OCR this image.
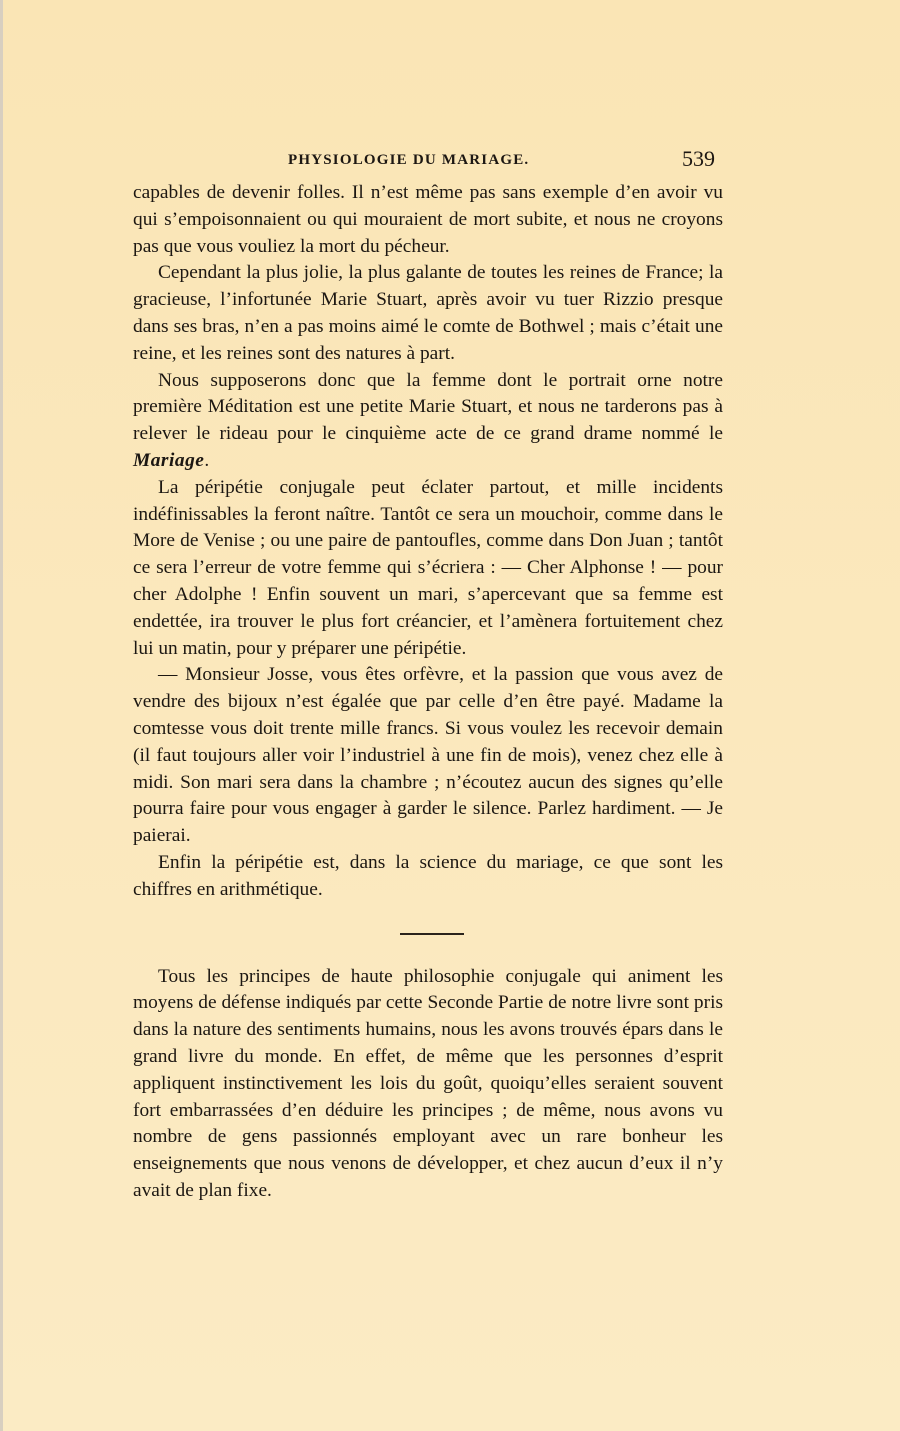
PHYSIOLOGIE DU MARIAGE.	539

capables de devenir folles. Il n’est même pas sans exemple d’en avoir vu qui s’empoisonnaient ou qui mouraient de mort subite, et nous ne croyons pas que vous vouliez la mort du pécheur.

Cependant la plus jolie, la plus galante de toutes les reines de France; la gracieuse, l’infortunée Marie Stuart, après avoir vu tuer Rizzio presque dans ses bras, n’en a pas moins aimé le comte de Bothwel ; mais c’était une reine, et les reines sont des natures à part.

Nous supposerons donc que la femme dont le portrait orne notre première Méditation est une petite Marie Stuart, et nous ne tarderons pas à relever le rideau pour le cinquième acte de ce grand drame nommé le Mariage.

La péripétie conjugale peut éclater partout, et mille incidents indéfinissables la feront naître. Tantôt ce sera un mouchoir, comme dans le More de Venise ; ou une paire de pantoufles, comme dans Don Juan ; tantôt ce sera l’erreur de votre femme qui s’écriera : — Cher Alphonse ! — pour cher Adolphe ! Enfin souvent un mari, s’apercevant que sa femme est endettée, ira trouver le plus fort créancier, et l’amènera fortuitement chez lui un matin, pour y préparer une péripétie.

— Monsieur Josse, vous êtes orfèvre, et la passion que vous avez de vendre des bijoux n’est égalée que par celle d’en être payé. Madame la comtesse vous doit trente mille francs. Si vous voulez les recevoir demain (il faut toujours aller voir l’industriel à une fin de mois), venez chez elle à midi. Son mari sera dans la chambre ; n’écoutez aucun des signes qu’elle pourra faire pour vous engager à garder le silence. Parlez hardiment. — Je paierai.

Enfin la péripétie est, dans la science du mariage, ce que sont les chiffres en arithmétique.

Tous les principes de haute philosophie conjugale qui animent les moyens de défense indiqués par cette Seconde Partie de notre livre sont pris dans la nature des sentiments humains, nous les avons trouvés épars dans le grand livre du monde. En effet, de même que les personnes d’esprit appliquent instinctivement les lois du goût, quoiqu’elles seraient souvent fort embarrassées d’en déduire les principes ; de même, nous avons vu nombre de gens passionnés employant avec un rare bonheur les enseignements que nous venons de développer, et chez aucun d’eux il n’y avait de plan fixe.
